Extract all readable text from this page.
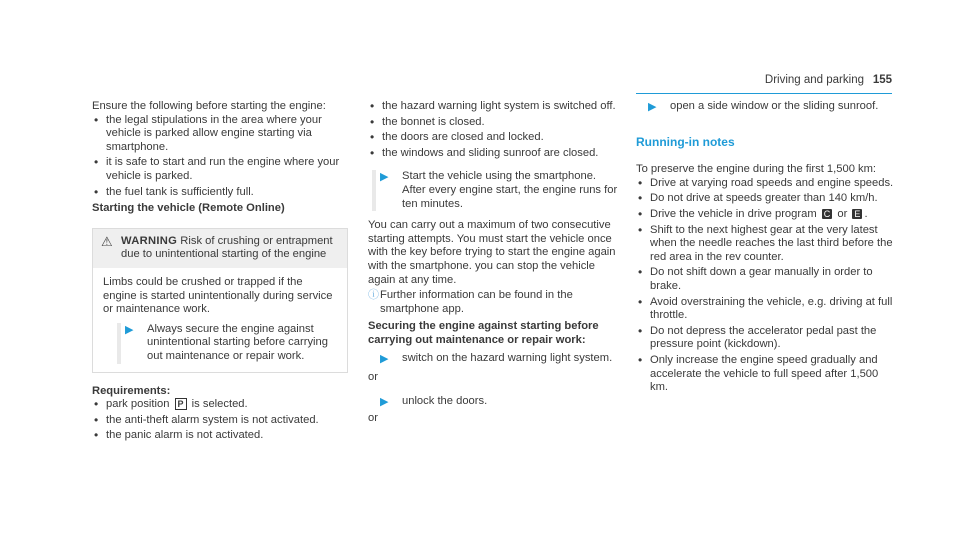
Driving and parking 155

Ensure the following before starting the engine:

• the legal stipulations in the area where your vehicle is parked allow engine starting via smartphone.
• it is safe to start and run the engine where your vehicle is parked.
• the fuel tank is sufficiently full.

Starting the vehicle (Remote Online)

⚠ WARNING Risk of crushing or entrapment due to unintentional starting of the engine

Limbs could be crushed or trapped if the engine is started unintentionally during service or maintenance work.

▶ Always secure the engine against unintentional starting before carrying out maintenance or repair work.

Requirements:

• park position P is selected.
• the anti-theft alarm system is not activated.
• the panic alarm is not activated.
• the hazard warning light system is switched off.
• the bonnet is closed.
• the doors are closed and locked.
• the windows and sliding sunroof are closed.
▶ Start the vehicle using the smartphone. After every engine start, the engine runs for ten minutes.

You can carry out a maximum of two consecutive starting attempts. You must start the vehicle once with the key before trying to start the engine again with the smartphone. you can stop the vehicle again at any time.

ⓘ Further information can be found in the smartphone app.

Securing the engine against starting before carrying out maintenance or repair work:

▶ switch on the hazard warning light system.

or

▶ unlock the doors.

or

▶ open a side window or the sliding sunroof.

Running-in notes

To preserve the engine during the first 1,500 km:

• Drive at varying road speeds and engine speeds.
• Do not drive at speeds greater than 140 km/h.
• Drive the vehicle in drive program C or E .
• Shift to the next highest gear at the very latest when the needle reaches the last third before the red area in the rev counter.
• Do not shift down a gear manually in order to brake.
• Avoid overstraining the vehicle, e.g. driving at full throttle.
• Do not depress the accelerator pedal past the pressure point (kickdown).
• Only increase the engine speed gradually and accelerate the vehicle to full speed after 1,500 km.
